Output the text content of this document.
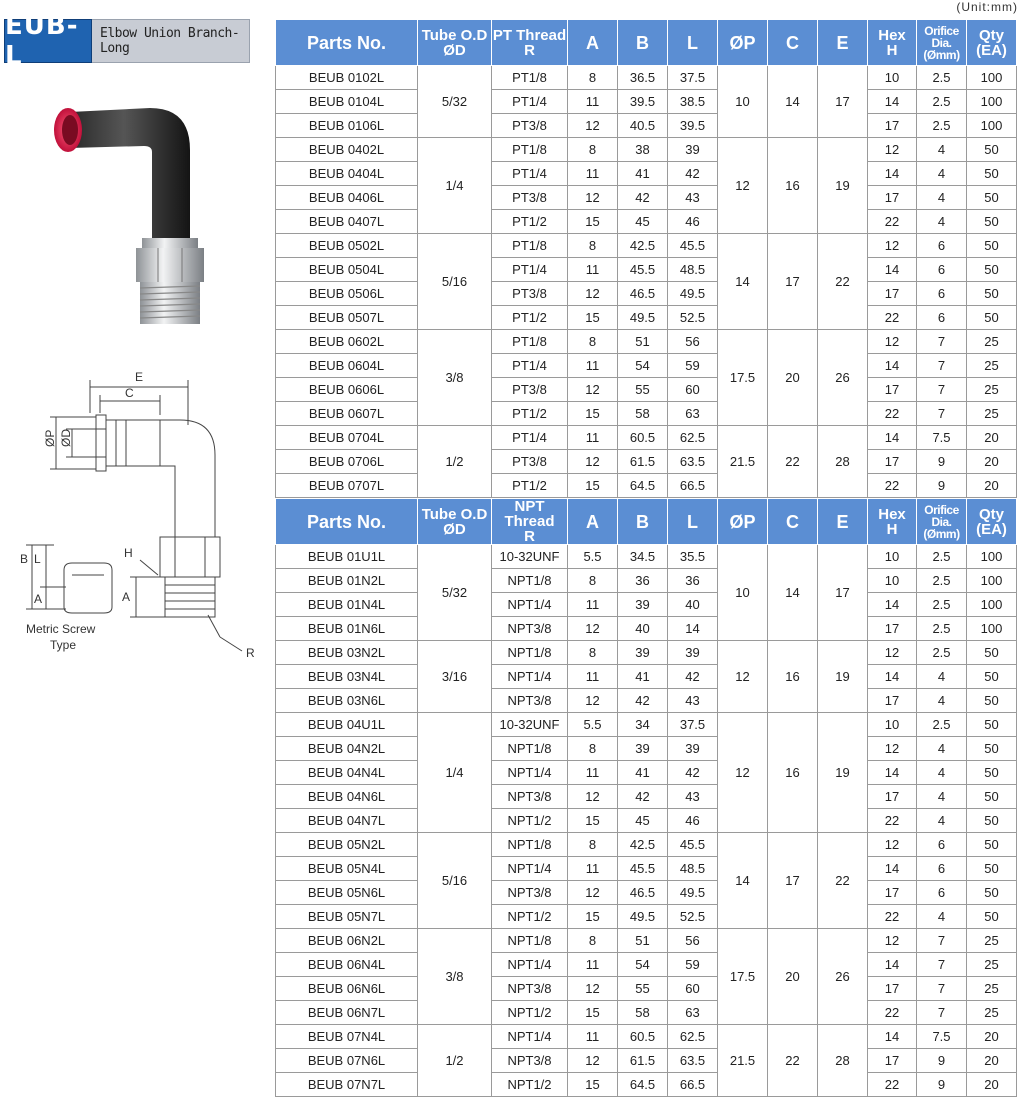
EUB-L
Elbow Union Branch-Long
(Unit:mm)
E
C
ØP ØD
H
B L
A	A
R
Metric Screw
Type
Parts No.	Tube O.D
ØD	PT Thread
R	A	B	L	ØP	C	E	Hex
H	Orifice Dia.
(Ømm)	Qty
(EA)
BEUB 0102L	5/32	PT1/8	8	36.5	37.5	10	14	17	10	2.5	100
BEUB 0104L		PT1/4	11	39.5	38.5				14	2.5	100
BEUB 0106L		PT3/8	12	40.5	39.5				17	2.5	100
BEUB 0402L	1/4	PT1/8	8	38	39	12	16	19	12	4	50
BEUB 0404L		PT1/4	11	41	42				14	4	50
BEUB 0406L		PT3/8	12	42	43				17	4	50
BEUB 0407L		PT1/2	15	45	46				22	4	50
BEUB 0502L	5/16	PT1/8	8	42.5	45.5	14	17	22	12	6	50
BEUB 0504L		PT1/4	11	45.5	48.5				14	6	50
BEUB 0506L		PT3/8	12	46.5	49.5				17	6	50
BEUB 0507L		PT1/2	15	49.5	52.5				22	6	50
BEUB 0602L	3/8	PT1/8	8	51	56	17.5	20	26	12	7	25
BEUB 0604L		PT1/4	11	54	59				14	7	25
BEUB 0606L		PT3/8	12	55	60				17	7	25
BEUB 0607L		PT1/2	15	58	63				22	7	25
BEUB 0704L	1/2	PT1/4	11	60.5	62.5	21.5	22	28	14	7.5	20
BEUB 0706L		PT3/8	12	61.5	63.5				17	9	20
BEUB 0707L		PT1/2	15	64.5	66.5				22	9	20
Parts No.	Tube O.D
ØD	NPT Thread
R	A	B	L	ØP	C	E	Hex
H	Orifice Dia.
(Ømm)	Qty
(EA)
BEUB 01U1L	5/32	10-32UNF	5.5	34.5	35.5	10	14	17	10	2.5	100
BEUB 01N2L		NPT1/8	8	36	36				10	2.5	100
BEUB 01N4L		NPT1/4	11	39	40				14	2.5	100
BEUB 01N6L		NPT3/8	12	40	14				17	2.5	100
BEUB 03N2L	3/16	NPT1/8	8	39	39	12	16	19	12	2.5	50
BEUB 03N4L		NPT1/4	11	41	42				14	4	50
BEUB 03N6L		NPT3/8	12	42	43				17	4	50
BEUB 04U1L	1/4	10-32UNF	5.5	34	37.5	12	16	19	10	2.5	50
BEUB 04N2L		NPT1/8	8	39	39				12	4	50
BEUB 04N4L		NPT1/4	11	41	42				14	4	50
BEUB 04N6L		NPT3/8	12	42	43				17	4	50
BEUB 04N7L		NPT1/2	15	45	46				22	4	50
BEUB 05N2L	5/16	NPT1/8	8	42.5	45.5	14	17	22	12	6	50
BEUB 05N4L		NPT1/4	11	45.5	48.5				14	6	50
BEUB 05N6L		NPT3/8	12	46.5	49.5				17	6	50
BEUB 05N7L		NPT1/2	15	49.5	52.5				22	4	50
BEUB 06N2L	3/8	NPT1/8	8	51	56	17.5	20	26	12	7	25
BEUB 06N4L		NPT1/4	11	54	59				14	7	25
BEUB 06N6L		NPT3/8	12	55	60				17	7	25
BEUB 06N7L		NPT1/2	15	58	63				22	7	25
BEUB 07N4L	1/2	NPT1/4	11	60.5	62.5	21.5	22	28	14	7.5	20
BEUB 07N6L		NPT3/8	12	61.5	63.5				17	9	20
BEUB 07N7L		NPT1/2	15	64.5	66.5				22	9	20
